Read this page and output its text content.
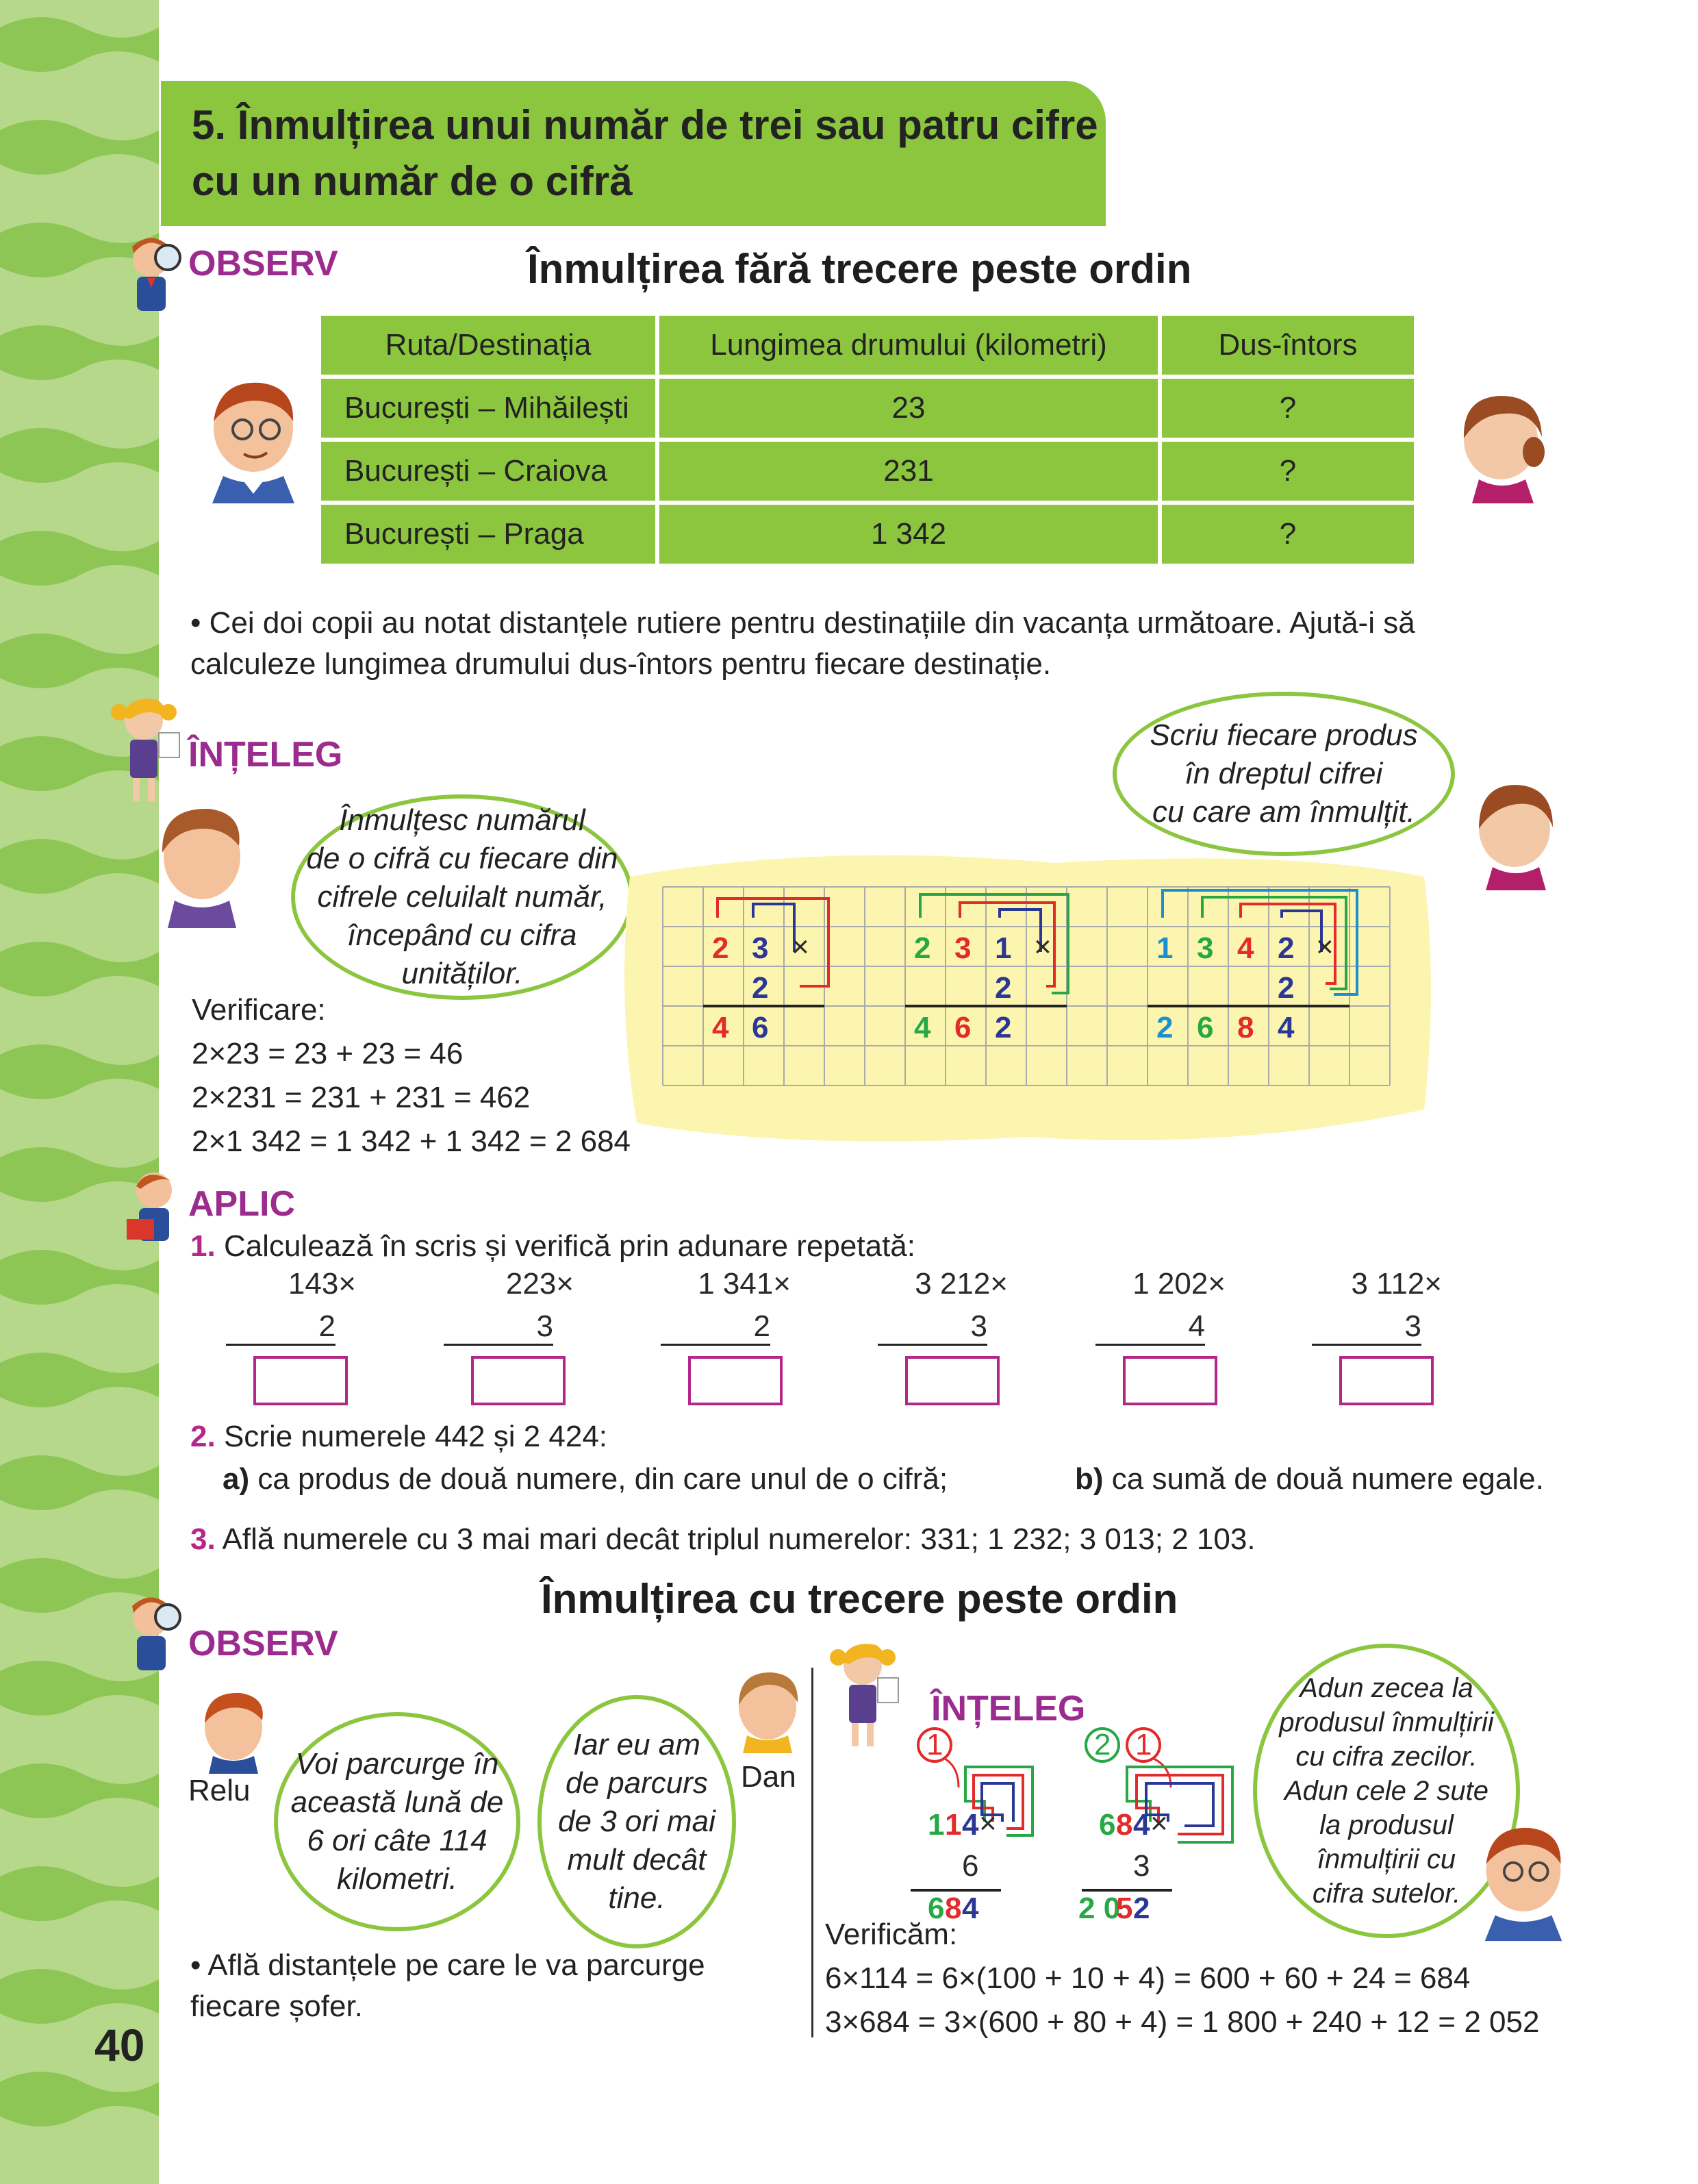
5. Înmulțirea unui număr de trei sau patru cifre
cu un număr de o cifră
OBSERV	Înmulțirea fără trecere peste ordin
Ruta/Destinația	Lungimea drumului (kilometri)	Dus-întors
București – Mihăilești	23	?
București – Craiova	231	?
București – Praga	1 342	?
• Cei doi copii au notat distanțele rutiere pentru destinațiile din vacanța următoare. Ajută-i să
calculeze lungimea drumului dus-întors pentru fiecare destinație.
ÎNȚELEG
Înmulțesc numărul
de o cifră cu fiecare din
cifrele celuilalt număr,
începând cu cifra
unităților.
Scriu fiecare produs
în dreptul cifrei
cu care am înmulțit.
2 3 ×
2
4 6
2 3 1 ×
2
4 6 2
1 3 4 2 ×
2
2 6 8 4
Verificare:
2×23 = 23 + 23 = 46
2×231 = 231 + 231 = 462
2×1 342 = 1 342 + 1 342 = 2 684
APLIC
1. Calculează în scris și verifică prin adunare repetată:
143×
2
223×
3
1 341×
2
3 212×
3
1 202×
4
3 112×
3
2. Scrie numerele 442 și 2 424:
a) ca produs de două numere, din care unul de o cifră;	b) ca sumă de două numere egale.
3. Află numerele cu 3 mai mari decât triplul numerelor: 331; 1 232; 3 013; 2 103.
Înmulțirea cu trecere peste ordin
OBSERV
Relu
Voi parcurge în
această lună de
6 ori câte 114
kilometri.
Iar eu am
de parcurs
de 3 ori mai
mult decât
tine.
Dan
• Află distanțele pe care le va parcurge
fiecare șofer.
ÎNȚELEG
1	2 1
1 1 4 ×
6
6 8 4
6 8 4 ×
3
2 0
5 2
Adun zecea la
produsul înmulțirii
cu cifra zecilor.
Adun cele 2 sute
la produsul
înmulțirii cu
cifra sutelor.
Verificăm:
6×114 = 6×(100 + 10 + 4) = 600 + 60 + 24 = 684
3×684 = 3×(600 + 80 + 4) = 1 800 + 240 + 12 = 2 052
40
